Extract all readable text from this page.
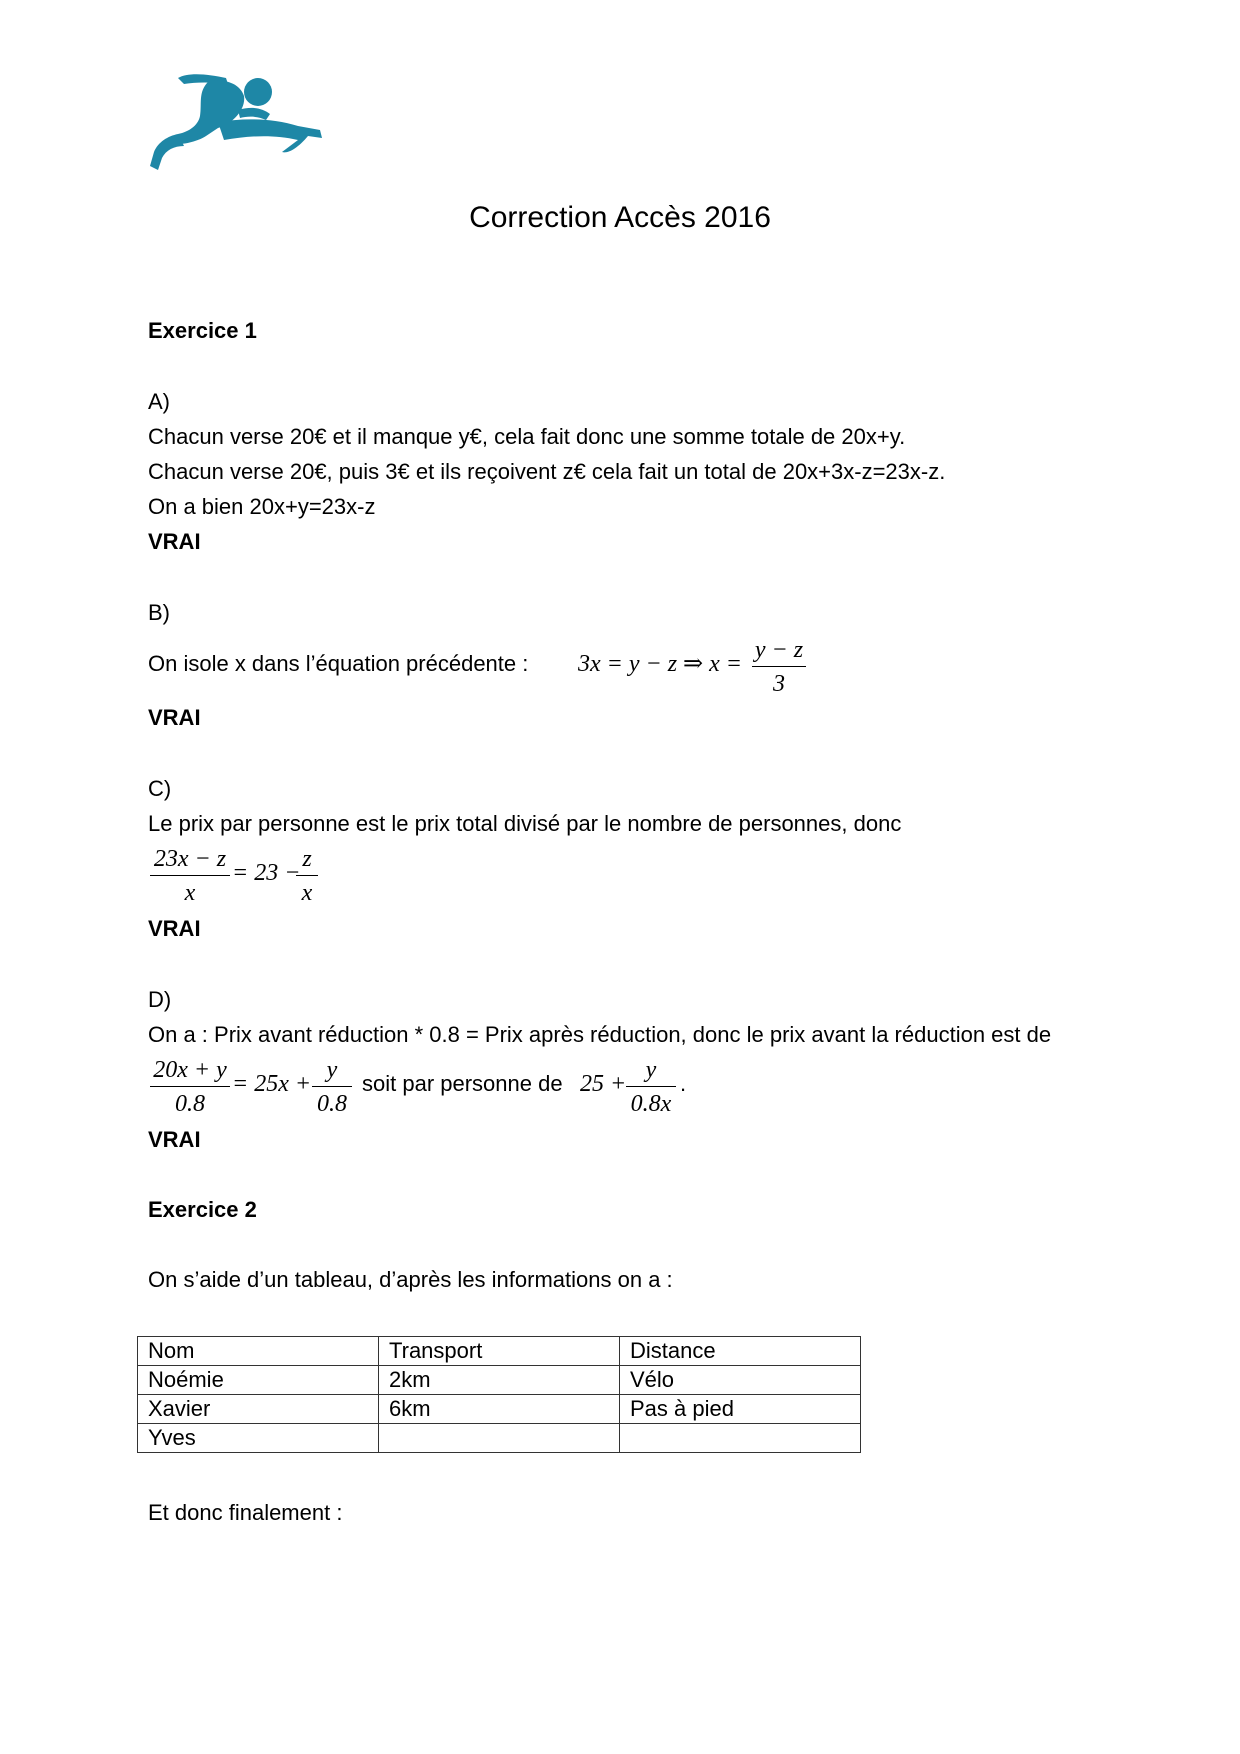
Correction Accès 2016
Exercice 1
A)
Chacun verse 20€ et il manque y€, cela fait donc une somme totale de 20x+y.
Chacun verse 20€, puis 3€ et ils reçoivent z€ cela fait un total de 20x+3x-z=23x-z.
On a bien 20x+y=23x-z
VRAI
B)
On isole x dans l’équation précédente : 3x = y − z ⇒ x =
y − z
3
VRAI
C)
Le prix par personne est le prix total divisé par le nombre de personnes, donc
23x − z
x
= 23 −
z
x
VRAI
D)
On a : Prix avant réduction * 0.8 = Prix après réduction, donc le prix avant la réduction est de
20x + y
0.8
= 25x +
y
0.8
soit par personne de 25 +
y
0.8x
.
VRAI
Exercice 2
On s’aide d’un tableau, d’après les informations on a :
Nom	Transport	Distance
Noémie	2km	Vélo
Xavier	6km	Pas à pied
Yves		
Et donc finalement :
